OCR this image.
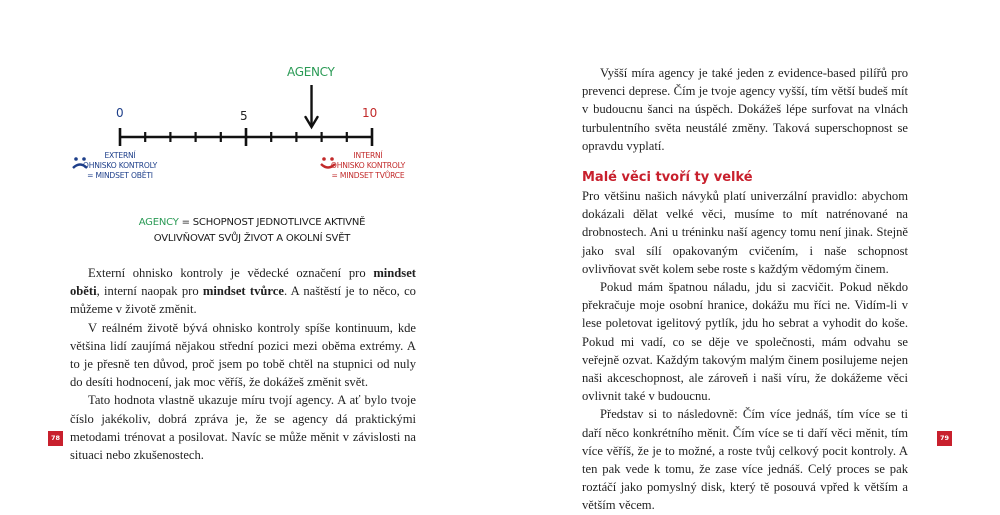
AGENCY
0	5	10
EXTERNÍ
OHNISKO KONTROLY
= MINDSET OBĚTI
INTERNÍ
OHNISKO KONTROLY
= MINDSET TVŮRCE
AGENCY = SCHOPNOST JEDNOTLIVCE AKTIVNĚ
OVLIVŇOVAT SVŮJ ŽIVOT A OKOLNÍ SVĚT

Externí ohnisko kontroly je vědecké označení pro mindset oběti, interní naopak pro mindset tvůrce. A naštěstí je to něco, co můžeme v životě změnit.

V reálném životě bývá ohnisko kontroly spíše kontinuum, kde většina lidí zaujímá nějakou střední pozici mezi oběma extrémy. A to je přesně ten důvod, proč jsem po tobě chtěl na stupnici od nuly do desíti hodnocení, jak moc věříš, že dokážeš změnit svět.

Tato hodnota vlastně ukazuje míru tvojí agency. A ať bylo tvoje číslo jakékoliv, dobrá zpráva je, že se agency dá praktickými metodami trénovat a posilovat. Navíc se může měnit v závislosti na situaci nebo zkušenostech.

78

Vyšší míra agency je také jeden z evidence-based pilířů pro prevenci deprese. Čím je tvoje agency vyšší, tím větší budeš mít v budoucnu šanci na úspěch. Dokážeš lépe surfovat na vlnách turbulentního světa neustálé změny. Taková superschopnost se opravdu vyplatí.

Malé věci tvoří ty velké

Pro většinu našich návyků platí univerzální pravidlo: abychom dokázali dělat velké věci, musíme to mít natrénované na drobnostech. Ani u tréninku naší agency tomu není jinak. Stejně jako sval sílí opakovaným cvičením, i naše schopnost ovlivňovat svět kolem sebe roste s každým vědomým činem.

Pokud mám špatnou náladu, jdu si zacvičit. Pokud někdo překračuje moje osobní hranice, dokážu mu říci ne. Vidím-li v lese poletovat igelitový pytlík, jdu ho sebrat a vyhodit do koše. Pokud mi vadí, co se děje ve společnosti, mám odvahu se veřejně ozvat. Každým takovým malým činem posilujeme nejen naši akceschopnost, ale zároveň i naši víru, že dokážeme věci ovlivnit také v budoucnu.

Představ si to následovně: Čím více jednáš, tím více se ti daří něco konkrétního měnit. Čím více se ti daří věci měnit, tím více věříš, že je to možné, a roste tvůj celkový pocit kontroly. A ten pak vede k tomu, že zase více jednáš. Celý proces se pak roztáčí jako pomyslný disk, který tě posouvá vpřed k větším a větším věcem.

79
